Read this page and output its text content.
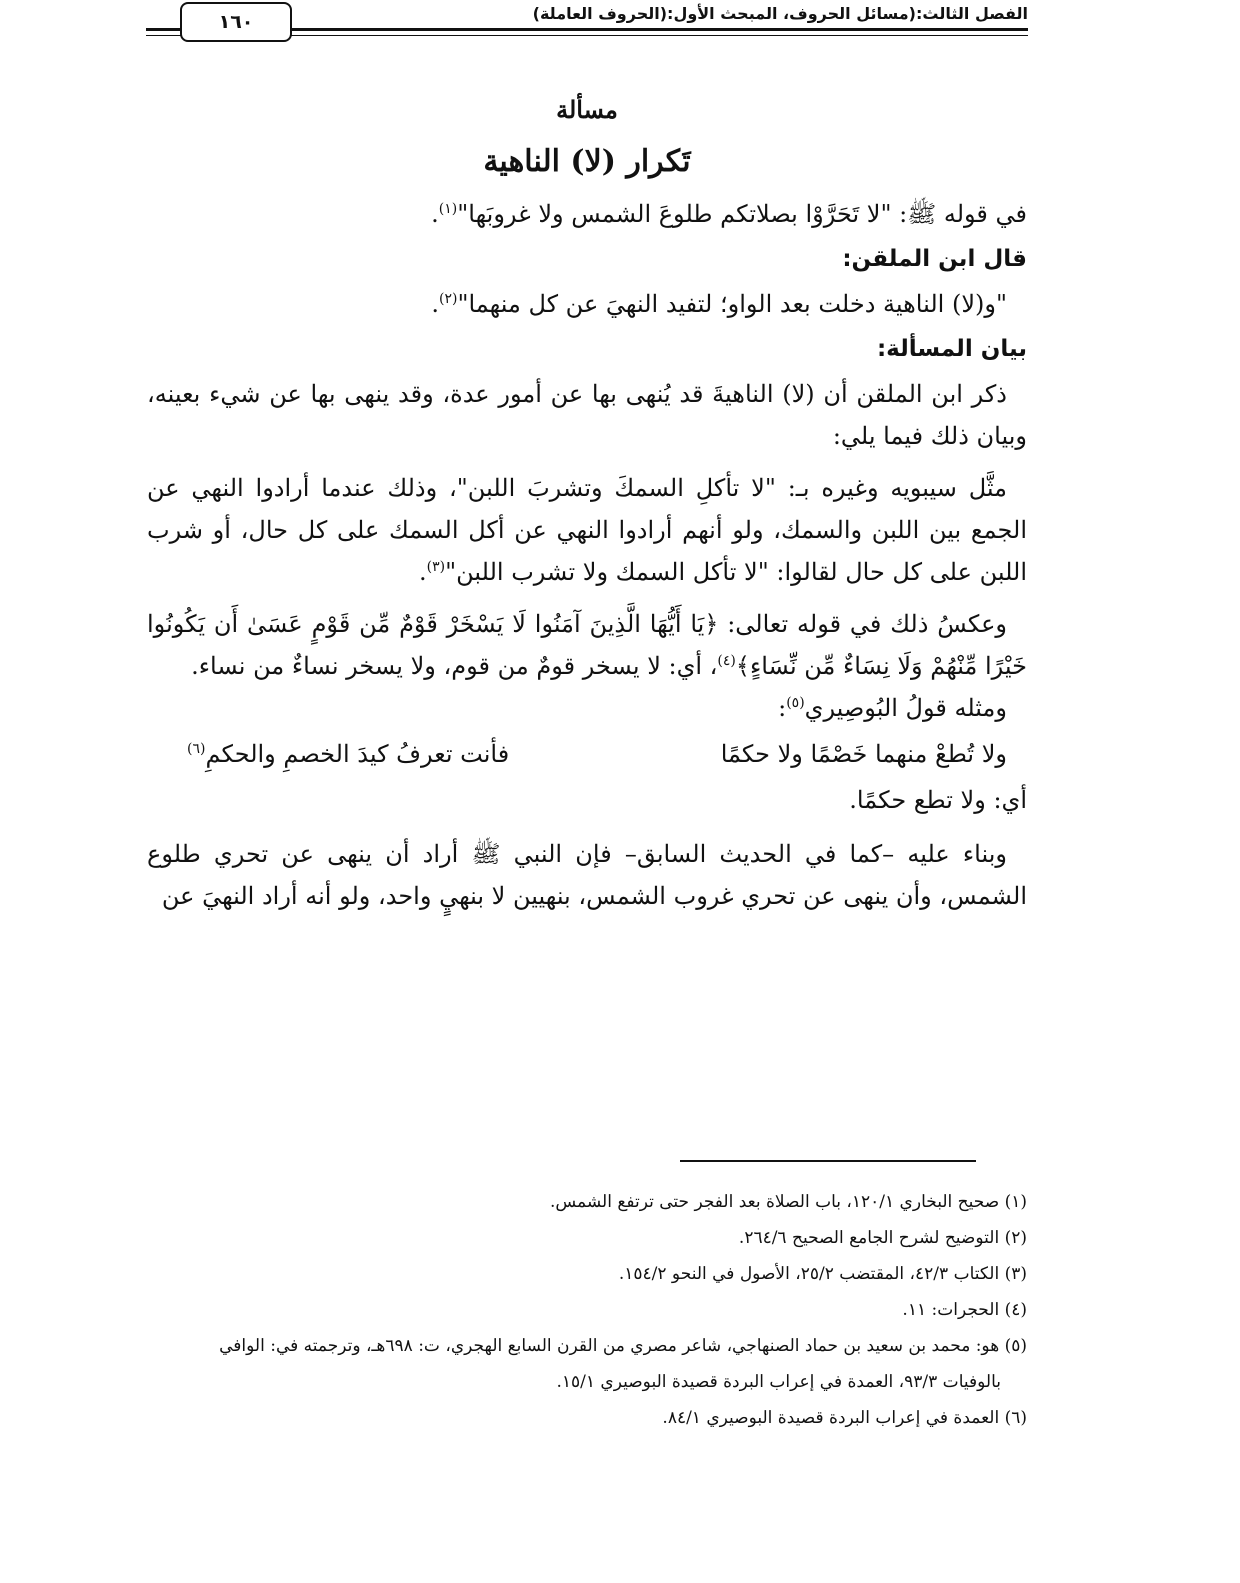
الفصل الثالث:(مسائل الحروف، المبحث الأول:(الحروف العاملة)
١٦٠
مسألة
تَكرار (لا) الناهية

في قوله ﷺ: "لا تَحَرَّوْا بصلاتكم طلوعَ الشمس ولا غروبَها"$^{(١)}$.

قال ابن الملقن:

"و(لا) الناهية دخلت بعد الواو؛ لتفيد النهيَ عن كل منهما"$^{(٢)}$.

بيان المسألة:

ذكر ابن الملقن أن (لا) الناهيةَ قد يُنهى بها عن أمور عدة، وقد ينهى بها عن شيء بعينه، وبيان ذلك فيما يلي:

مثَّل سيبويه وغيره بـ: "لا تأكلِ السمكَ وتشربَ اللبن"، وذلك عندما أرادوا النهي عن الجمع بين اللبن والسمك، ولو أنهم أرادوا النهي عن أكل السمك على كل حال، أو شرب اللبن على كل حال لقالوا: "لا تأكل السمك ولا تشرب اللبن"$^{(٣)}$.

وعكسُ ذلك في قوله تعالى: ﴿يَا أَيُّهَا الَّذِينَ آمَنُوا لَا يَسْخَرْ قَوْمٌ مِّن قَوْمٍ عَسَىٰ أَن يَكُونُوا خَيْرًا مِّنْهُمْ وَلَا نِسَاءٌ مِّن نِّسَاءٍ﴾$^{(٤)}$، أي: لا يسخر قومٌ من قوم، ولا يسخر نساءٌ من نساء.

ومثله قولُ البُوصِيري$^{(٥)}$:

ولا تُطعْ منهما خَصْمًا ولا حكمًا
فأنت تعرفُ كيدَ الخصمِ والحكمِ$^{(٦)}$

أي: ولا تطع حكمًا.

وبناء عليه –كما في الحديث السابق– فإن النبي ﷺ أراد أن ينهى عن تحري طلوع الشمس، وأن ينهى عن تحري غروب الشمس، بنهيين لا بنهيٍ واحد، ولو أنه أراد النهيَ عن

(١) صحيح البخاري ١٢٠/١، باب الصلاة بعد الفجر حتى ترتفع الشمس.

(٢) التوضيح لشرح الجامع الصحيح ٢٦٤/٦.

(٣) الكتاب ٤٢/٣، المقتضب ٢٥/٢، الأصول في النحو ١٥٤/٢.

(٤) الحجرات: ١١.

(٥) هو: محمد بن سعيد بن حماد الصنهاجي، شاعر مصري من القرن السابع الهجري، ت: ٦٩٨هـ، وترجمته في: الوافي

بالوفيات ٩٣/٣، العمدة في إعراب البردة قصيدة البوصيري ١٥/١.

(٦) العمدة في إعراب البردة قصيدة البوصيري ٨٤/١.
